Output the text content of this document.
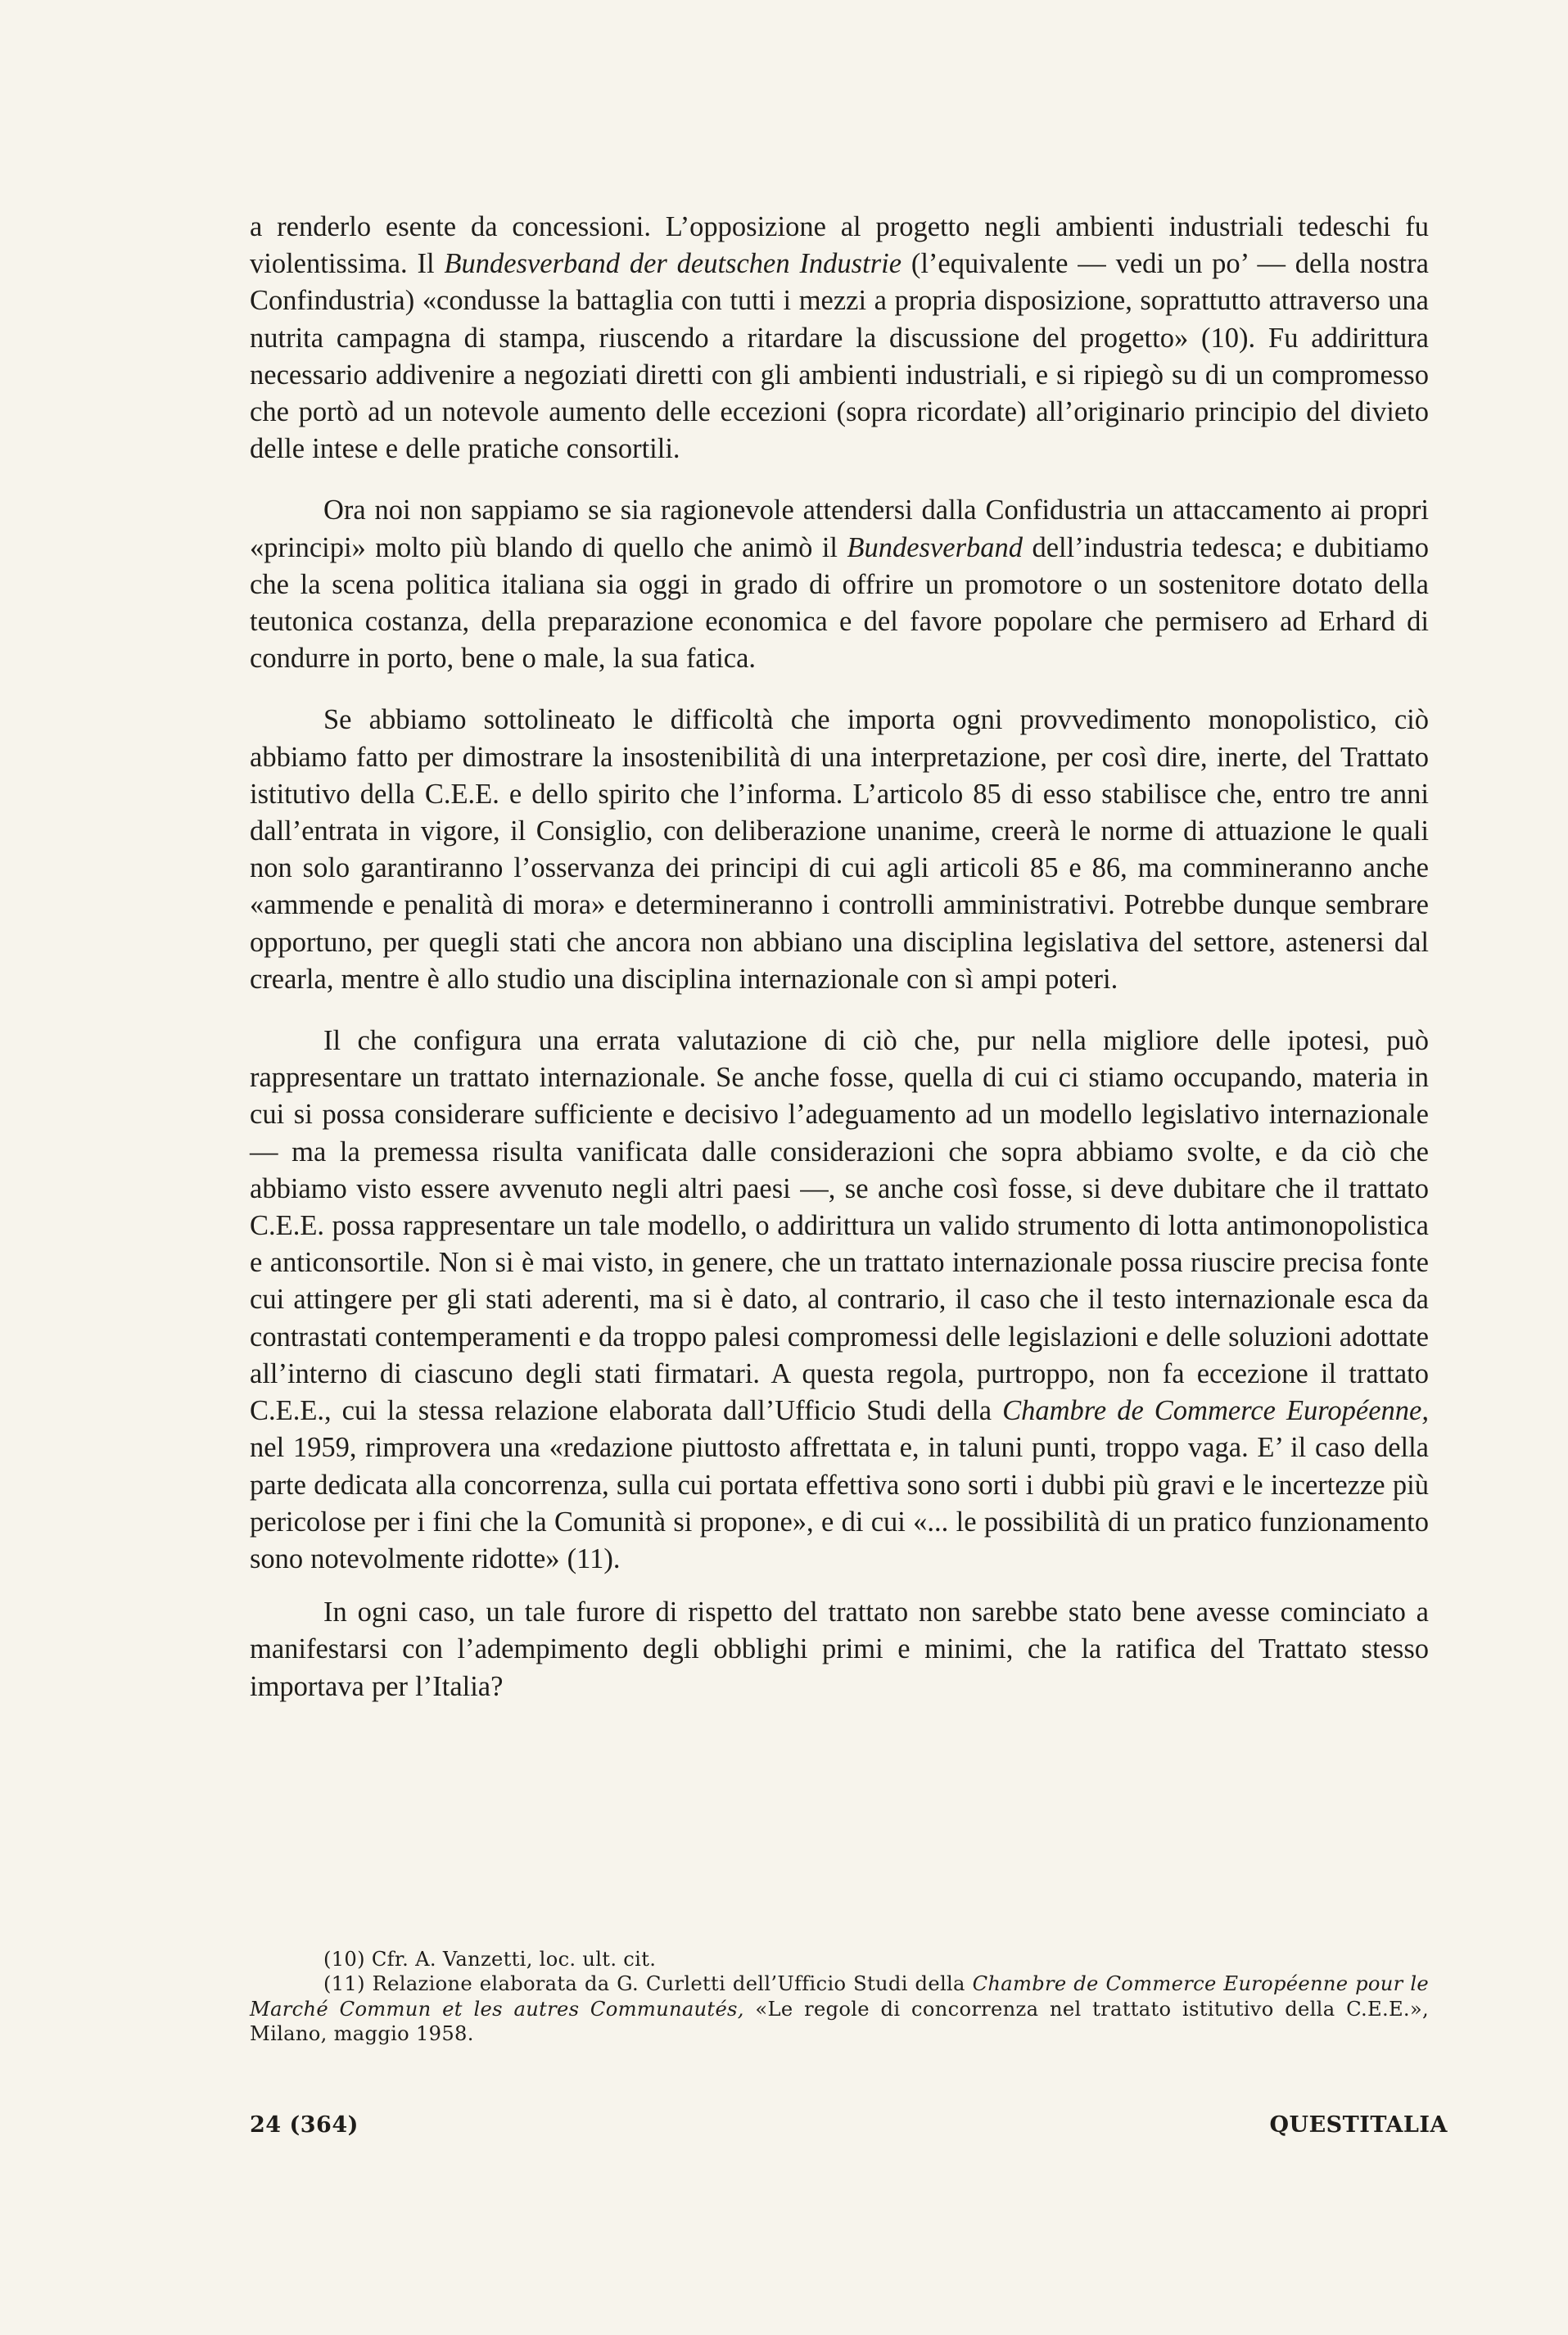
a renderlo esente da concessioni. L’opposizione al progetto negli ambienti industriali tedeschi fu violentissima. Il Bundesverband der deutschen Industrie (l’equivalente — vedi un po’ — della nostra Confindustria) «condusse la battaglia con tutti i mezzi a propria disposizione, soprattutto attraverso una nutrita campagna di stampa, riuscendo a ritardare la discussione del progetto» (10). Fu addirittura necessario addivenire a negoziati diretti con gli ambienti industriali, e si ripiegò su di un compromesso che portò ad un notevole aumento delle eccezioni (sopra ricordate) all’originario principio del divieto delle intese e delle pratiche consortili.

Ora noi non sappiamo se sia ragionevole attendersi dalla Confidustria un attaccamento ai propri «principi» molto più blando di quello che animò il Bundesverband dell’industria tedesca; e dubitiamo che la scena politica italiana sia oggi in grado di offrire un promotore o un sostenitore dotato della teutonica costanza, della preparazione economica e del favore popolare che permisero ad Erhard di condurre in porto, bene o male, la sua fatica.

Se abbiamo sottolineato le difficoltà che importa ogni provvedimento monopolistico, ciò abbiamo fatto per dimostrare la insostenibilità di una interpretazione, per così dire, inerte, del Trattato istitutivo della C.E.E. e dello spirito che l’informa. L’articolo 85 di esso stabilisce che, entro tre anni dall’entrata in vigore, il Consiglio, con deliberazione unanime, creerà le norme di attuazione le quali non solo garantiranno l’osservanza dei principi di cui agli articoli 85 e 86, ma commineranno anche «ammende e penalità di mora» e determineranno i controlli amministrativi. Potrebbe dunque sembrare opportuno, per quegli stati che ancora non abbiano una disciplina legislativa del settore, astenersi dal crearla, mentre è allo studio una disciplina internazionale con sì ampi poteri.

Il che configura una errata valutazione di ciò che, pur nella migliore delle ipotesi, può rappresentare un trattato internazionale. Se anche fosse, quella di cui ci stiamo occupando, materia in cui si possa considerare sufficiente e decisivo l’adeguamento ad un modello legislativo internazionale — ma la premessa risulta vanificata dalle considerazioni che sopra abbiamo svolte, e da ciò che abbiamo visto essere avvenuto negli altri paesi —, se anche così fosse, si deve dubitare che il trattato C.E.E. possa rappresentare un tale modello, o addirittura un valido strumento di lotta antimonopolistica e anticonsortile. Non si è mai visto, in genere, che un trattato internazionale possa riuscire precisa fonte cui attingere per gli stati aderenti, ma si è dato, al contrario, il caso che il testo internazionale esca da contrastati contemperamenti e da troppo palesi compromessi delle legislazioni e delle soluzioni adottate all’interno di ciascuno degli stati firmatari. A questa regola, purtroppo, non fa eccezione il trattato C.E.E., cui la stessa relazione elaborata dall’Ufficio Studi della Chambre de Commerce Européenne, nel 1959, rimprovera una «redazione piuttosto affrettata e, in taluni punti, troppo vaga. E’ il caso della parte dedicata alla concorrenza, sulla cui portata effettiva sono sorti i dubbi più gravi e le incertezze più pericolose per i fini che la Comunità si propone», e di cui «... le possibilità di un pratico funzionamento sono notevolmente ridotte» (11).

In ogni caso, un tale furore di rispetto del trattato non sarebbe stato bene avesse cominciato a manifestarsi con l’adempimento degli obblighi primi e minimi, che la ratifica del Trattato stesso importava per l’Italia?

(10) Cfr. A. Vanzetti, loc. ult. cit.

(11) Relazione elaborata da G. Curletti dell’Ufficio Studi della Chambre de Commerce Européenne pour le Marché Commun et les autres Communautés, «Le regole di concorrenza nel trattato istitutivo della C.E.E.», Milano, maggio 1958.

24 (364)	QUESTITALIA
